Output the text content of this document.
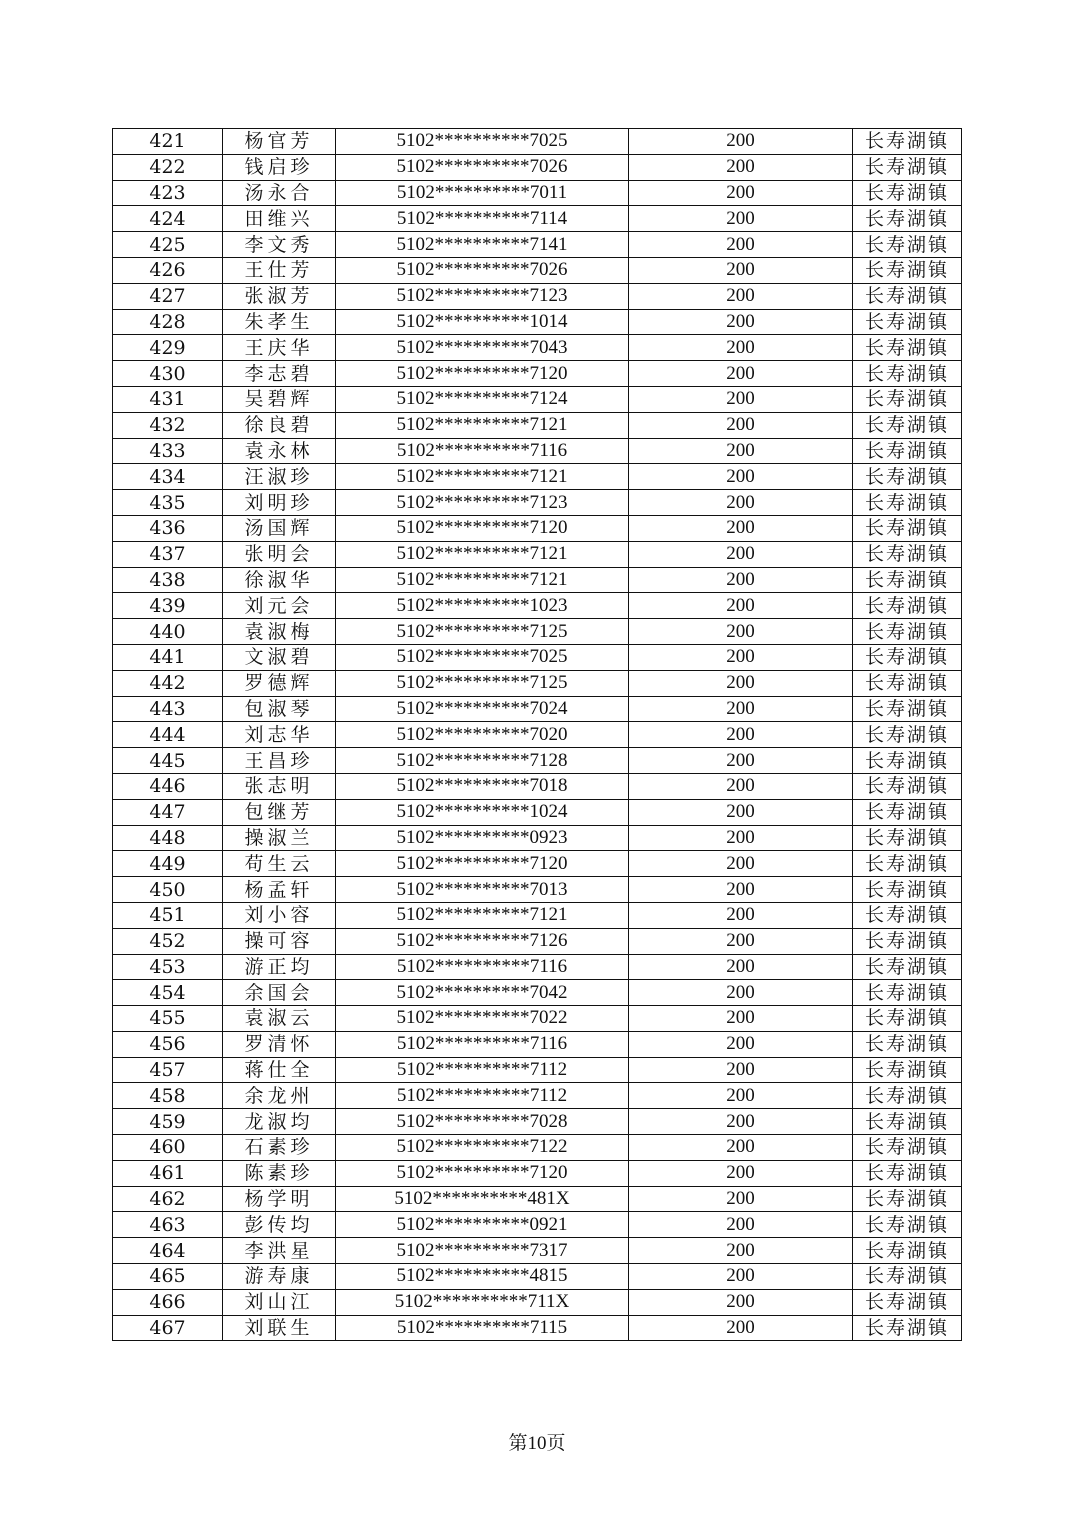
421	杨官芳	5102**********7025	200	长寿湖镇
422	钱启珍	5102**********7026	200	长寿湖镇
423	汤永合	5102**********7011	200	长寿湖镇
424	田维兴	5102**********7114	200	长寿湖镇
425	李文秀	5102**********7141	200	长寿湖镇
426	王仕芳	5102**********7026	200	长寿湖镇
427	张淑芳	5102**********7123	200	长寿湖镇
428	朱孝生	5102**********1014	200	长寿湖镇
429	王庆华	5102**********7043	200	长寿湖镇
430	李志碧	5102**********7120	200	长寿湖镇
431	吴碧辉	5102**********7124	200	长寿湖镇
432	徐良碧	5102**********7121	200	长寿湖镇
433	袁永林	5102**********7116	200	长寿湖镇
434	汪淑珍	5102**********7121	200	长寿湖镇
435	刘明珍	5102**********7123	200	长寿湖镇
436	汤国辉	5102**********7120	200	长寿湖镇
437	张明会	5102**********7121	200	长寿湖镇
438	徐淑华	5102**********7121	200	长寿湖镇
439	刘元会	5102**********1023	200	长寿湖镇
440	袁淑梅	5102**********7125	200	长寿湖镇
441	文淑碧	5102**********7025	200	长寿湖镇
442	罗德辉	5102**********7125	200	长寿湖镇
443	包淑琴	5102**********7024	200	长寿湖镇
444	刘志华	5102**********7020	200	长寿湖镇
445	王昌珍	5102**********7128	200	长寿湖镇
446	张志明	5102**********7018	200	长寿湖镇
447	包继芳	5102**********1024	200	长寿湖镇
448	操淑兰	5102**********0923	200	长寿湖镇
449	苟生云	5102**********7120	200	长寿湖镇
450	杨孟轩	5102**********7013	200	长寿湖镇
451	刘小容	5102**********7121	200	长寿湖镇
452	操可容	5102**********7126	200	长寿湖镇
453	游正均	5102**********7116	200	长寿湖镇
454	余国会	5102**********7042	200	长寿湖镇
455	袁淑云	5102**********7022	200	长寿湖镇
456	罗清怀	5102**********7116	200	长寿湖镇
457	蒋仕全	5102**********7112	200	长寿湖镇
458	余龙州	5102**********7112	200	长寿湖镇
459	龙淑均	5102**********7028	200	长寿湖镇
460	石素珍	5102**********7122	200	长寿湖镇
461	陈素珍	5102**********7120	200	长寿湖镇
462	杨学明	5102**********481X	200	长寿湖镇
463	彭传均	5102**********0921	200	长寿湖镇
464	李洪星	5102**********7317	200	长寿湖镇
465	游寿康	5102**********4815	200	长寿湖镇
466	刘山江	5102**********711X	200	长寿湖镇
467	刘联生	5102**********7115	200	长寿湖镇
第10页
